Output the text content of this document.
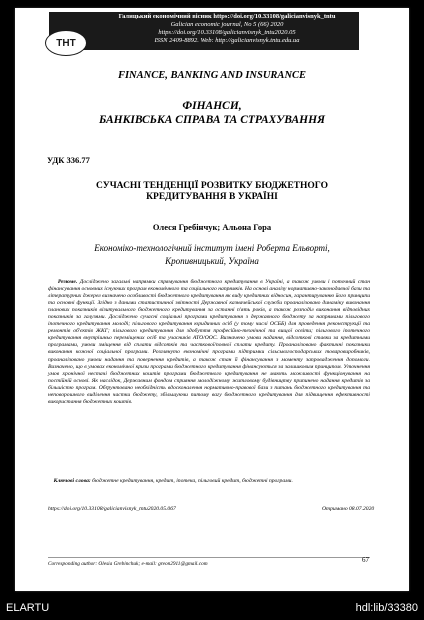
ТНТ
Галицький економічний вісник https://doi.org/10.33108/galicianvisnyk_tntu
Galician economic journal, No 5 (66) 2020
https://doi.org/10.33108/galicianvisnyk_tntu2020.05
ISSN 2409-8892. Web: http://galicianvisnyk.tntu.edu.ua
FINANCE, BANKING AND INSURANCE
ФІНАНСИ,
БАНКІВСЬКА СПРАВА ТА СТРАХУВАННЯ
УДК 336.77
СУЧАСНІ ТЕНДЕНЦІЇ РОЗВИТКУ БЮДЖЕТНОГО
КРЕДИТУВАННЯ В УКРАЇНІ
Олеся Гребінчук; Альона Гора
Економіко-технологічний інститут імені Роберта Ельворті,
Кропивницький, Україна
Резюме. Досліджено загальні напрямки спрямування бюджетного кредитування в Україні, а також умови і поточний стан фінансування основних існуючих програм економічного та соціального напрямків. На основі аналізу нормативно-законодавчої бази та літературних джерел визначено особливості бюджетного кредитування як виду кредитних відносин, гарантируванню його принципи та основні функції. Згідно з даними статистичної звітності Державної казначейської служби проаналізовано динаміку виконання планових показників візитувального бюджетного кредитування за останні п'ять років, а також розподіл виконання відповідних показників за галузями. Досліджено сучасні соціальні програми кредитування з державного бюджету за напрямами пільгового іпотечного кредитування молоді; пільгового кредитування юридичних осіб (у тому числі ОСББ) для проведення реконструкції та ремонтів об'єктів ЖКГ; пільгового кредитування для здобуття професійно-технічної та вищої освіти; пільгового іпотечного кредитування внутрішньо переміщених осіб та учасників АТО/ООС. Визначено умови надання, відсоткові ставки за кредитними програмами, умови зміщення від сплати відсотків та часткової/повної сплати кредиту. Проаналізовано фактичні показники виконання кожної соціальної програми. Розглянуто економічні програми підтримки сільськогосподарських товаровиробників, проаналізовано умови надання та повернення кредитів, а також стан її фінансування з моменту запровадження допомоги. Визначено, що в умовах економічної кризи програми бюджетного кредитування фінансуються за залишковим принципом. Уточнення умов хронічної нестачі бюджетних коштів програми бюджетного кредитування не мають можливості функціонування на постійній основі. Як наслідок, Державним фондом сприяння молодіжному житловому будівництву припинено надання кредитів за більшістю програм. Обґрунтовано необхідність вдосконалення нормативно-правової бази з питань бюджетного кредитування та неповорошного виділення частки бюджету, збільшуючи питому вагу бюджетного кредитування для підвищення ефективності використання бюджетних коштів.
Ключові слова: бюджетне кредитування, кредит, іпотека, пільговий кредит, бюджетні програми.
https://doi.org/10.33108/galicianvisnyk_tntu2020.05.067	Отримано 08.07.2020
Corresponding author: Olesia Grebinchuk; e-mail: greon2911@gmail.com	67
ELARTU	hdl:lib/33380
